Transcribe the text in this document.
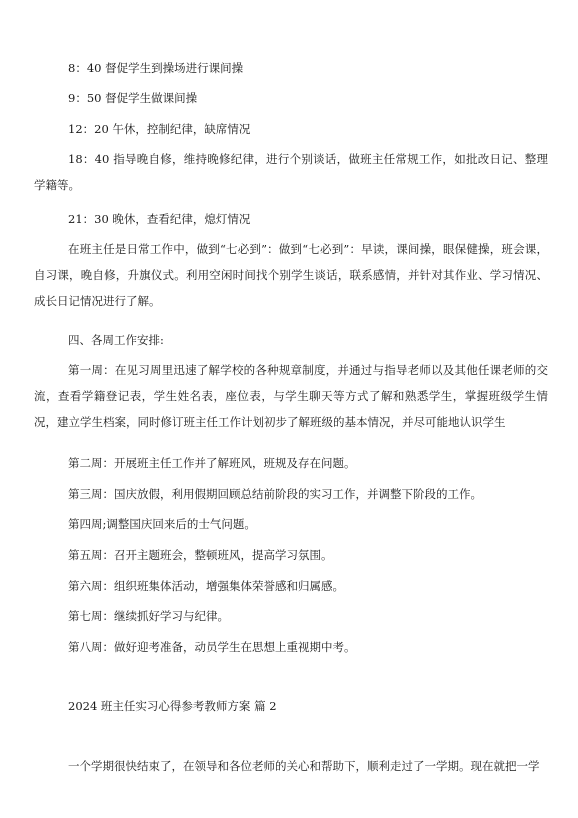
8：40 督促学生到操场进行课间操

9：50 督促学生做课间操

12：20 午休，控制纪律，缺席情况

18：40 指导晚自修，维持晚修纪律，进行个别谈话，做班主任常规工作，如批改日记、整理学籍等。

21：30 晚休，查看纪律，熄灯情况

在班主任是日常工作中，做到“七必到”：做到“七必到”：早读，课间操，眼保健操，班会课，自习课，晚自修，升旗仪式。利用空闲时间找个别学生谈话，联系感情，并针对其作业、学习情况、成长日记情况进行了解。

四、各周工作安排:

第一周：在见习周里迅速了解学校的各种规章制度，并通过与指导老师以及其他任课老师的交流，查看学籍登记表，学生姓名表，座位表，与学生聊天等方式了解和熟悉学生，掌握班级学生情况，建立学生档案，同时修订班主任工作计划初步了解班级的基本情况，并尽可能地认识学生

第二周：开展班主任工作并了解班风，班规及存在问题。

第三周：国庆放假，利用假期回顾总结前阶段的实习工作，并调整下阶段的工作。

第四周;调整国庆回来后的士气问题。

第五周：召开主题班会，整顿班风，提高学习氛围。

第六周：组织班集体活动，增强集体荣誉感和归属感。

第七周：继续抓好学习与纪律。

第八周：做好迎考准备，动员学生在思想上重视期中考。

2024 班主任实习心得参考教师方案 篇 2

一个学期很快结束了，在领导和各位老师的关心和帮助下，顺利走过了一学期。现在就把一学
